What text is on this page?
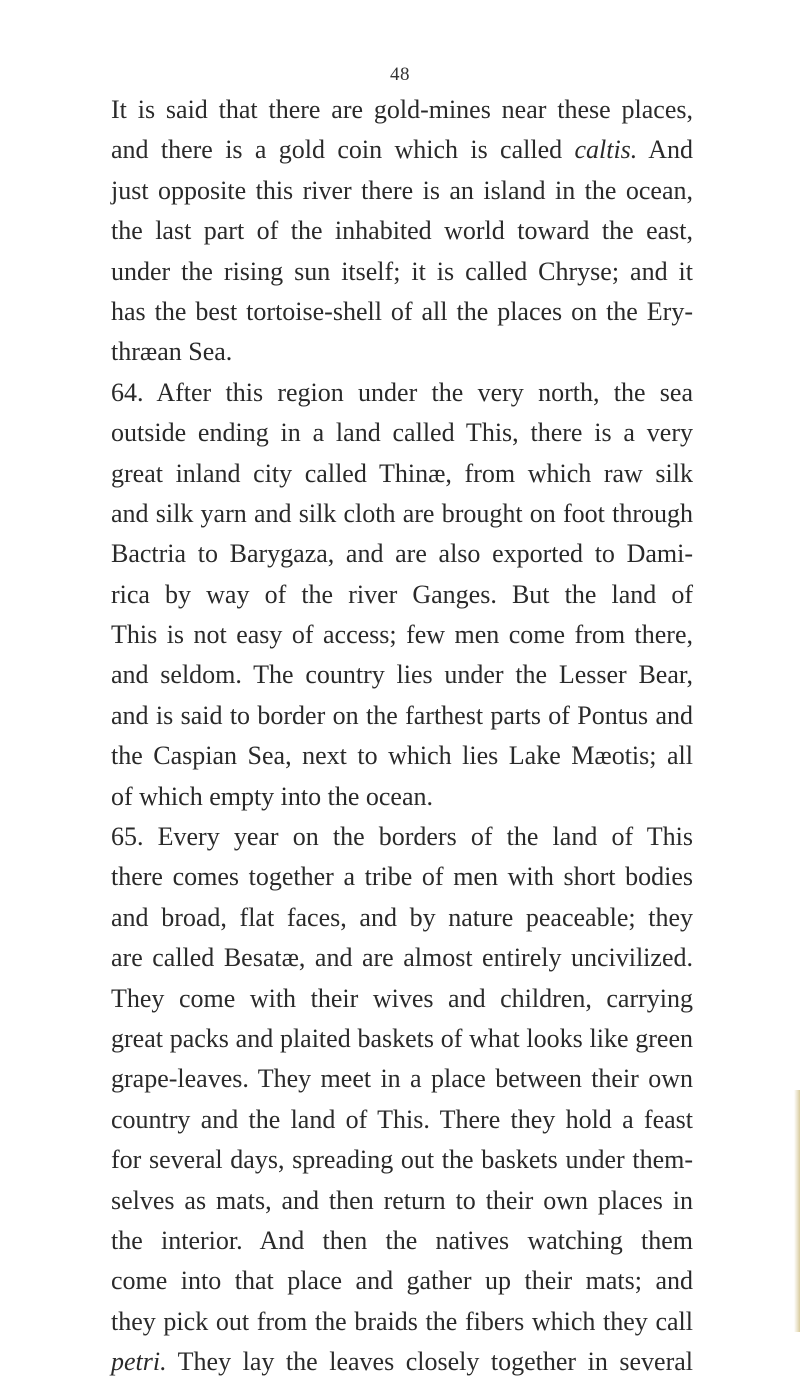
48
It is said that there are gold-mines near these places,
and there is a gold coin which is called caltis. And
just opposite this river there is an island in the ocean,
the last part of the inhabited world toward the east,
under the rising sun itself; it is called Chryse; and it
has the best tortoise-shell of all the places on the Ery-
thræan Sea.
64. After this region under the very north, the sea
outside ending in a land called This, there is a very
great inland city called Thinæ, from which raw silk
and silk yarn and silk cloth are brought on foot through
Bactria to Barygaza, and are also exported to Dami-
rica by way of the river Ganges. But the land of
This is not easy of access; few men come from there,
and seldom. The country lies under the Lesser Bear,
and is said to border on the farthest parts of Pontus and
the Caspian Sea, next to which lies Lake Mæotis; all
of which empty into the ocean.
65. Every year on the borders of the land of This
there comes together a tribe of men with short bodies
and broad, flat faces, and by nature peaceable; they
are called Besatæ, and are almost entirely uncivilized.
They come with their wives and children, carrying
great packs and plaited baskets of what looks like green
grape-leaves. They meet in a place between their own
country and the land of This. There they hold a feast
for several days, spreading out the baskets under them-
selves as mats, and then return to their own places in
the interior. And then the natives watching them
come into that place and gather up their mats; and
they pick out from the braids the fibers which they call
petri. They lay the leaves closely together in several
